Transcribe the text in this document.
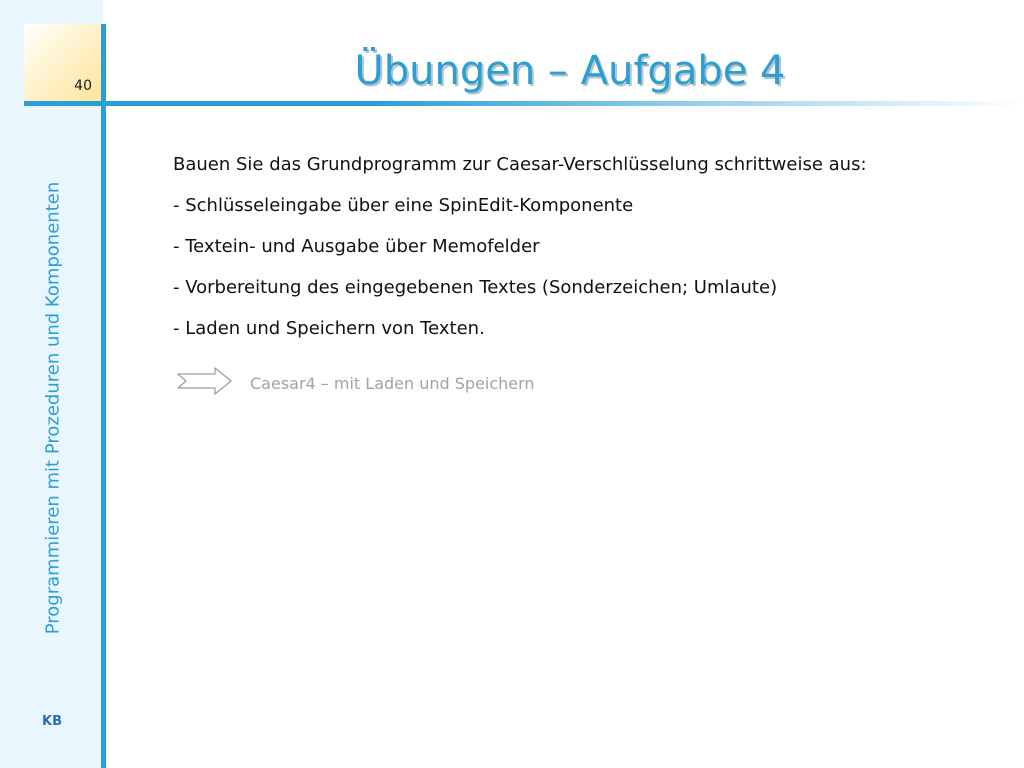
40	Übungen – Aufgabe 4
Programmieren mit Prozeduren und Komponenten
KB
Bauen Sie das Grundprogramm zur Caesar-Verschlüsselung schrittweise aus:
- Schlüsseleingabe über eine SpinEdit-Komponente
- Textein- und Ausgabe über Memofelder
- Vorbereitung des eingegebenen Textes (Sonderzeichen; Umlaute)
- Laden und Speichern von Texten.
Caesar4 – mit Laden und Speichern
